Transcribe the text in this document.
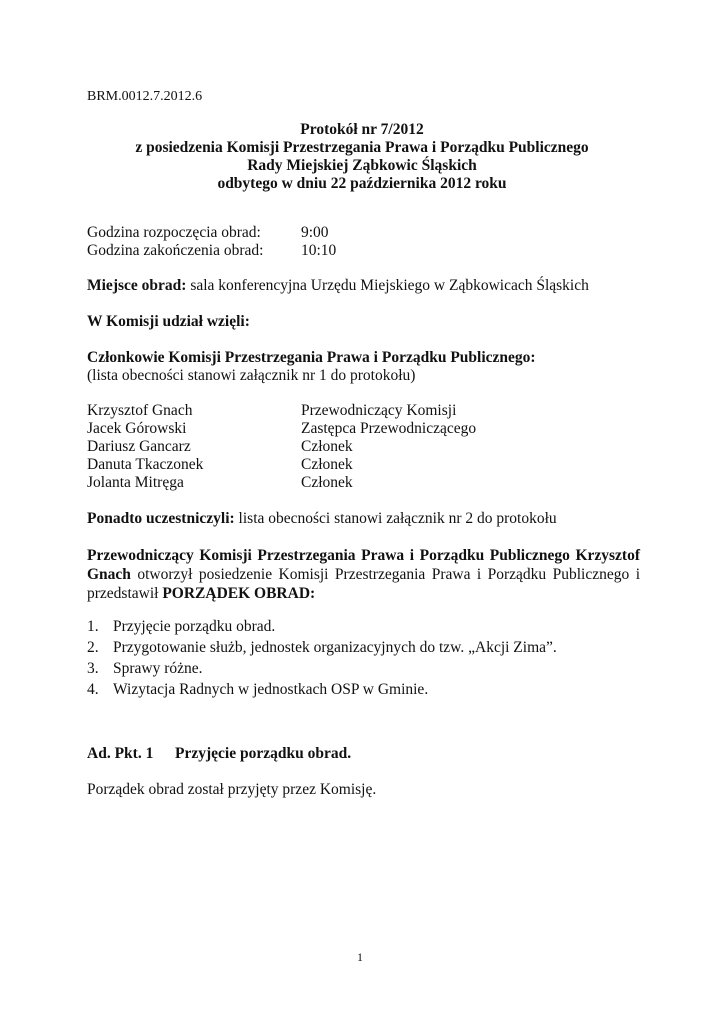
BRM.0012.7.2012.6
Protokół nr 7/2012
z posiedzenia Komisji Przestrzegania Prawa i Porządku Publicznego
Rady Miejskiej Ząbkowic Śląskich
odbytego w dniu 22 października 2012 roku
Godzina rozpoczęcia obrad:	9:00
Godzina zakończenia obrad: 10:10
Miejsce obrad: sala konferencyjna Urzędu Miejskiego w Ząbkowicach Śląskich
W Komisji udział wzięli:
Członkowie Komisji Przestrzegania Prawa i Porządku Publicznego:
(lista obecności stanowi załącznik nr 1 do protokołu)
Krzysztof Gnach	Przewodniczący Komisji
Jacek Górowski	Zastępca Przewodniczącego
Dariusz Gancarz	Członek
Danuta Tkaczonek	Członek
Jolanta Mitręga	Członek
Ponadto uczestniczyli: lista obecności stanowi załącznik nr 2 do protokołu
Przewodniczący Komisji Przestrzegania Prawa i Porządku Publicznego Krzysztof Gnach otworzył posiedzenie Komisji Przestrzegania Prawa i Porządku Publicznego i przedstawił PORZĄDEK OBRAD:
1. Przyjęcie porządku obrad.
2. Przygotowanie służb, jednostek organizacyjnych do tzw. „Akcji Zima”.
3. Sprawy różne.
4. Wizytacja Radnych w jednostkach OSP w Gminie.
Ad. Pkt. 1 Przyjęcie porządku obrad.
Porządek obrad został przyjęty przez Komisję.
1
